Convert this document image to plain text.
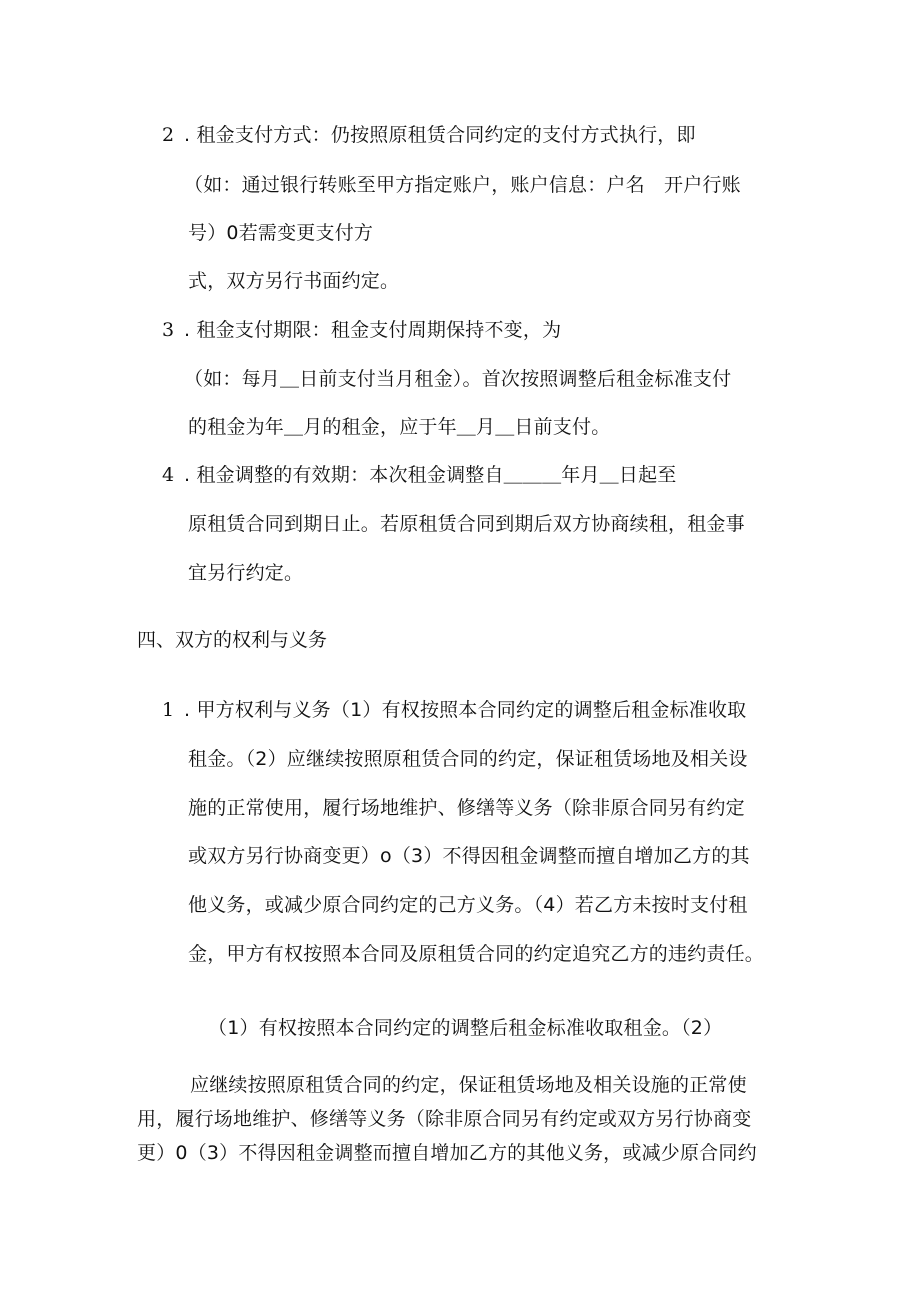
2 . 租金支付方式：仍按照原租赁合同约定的支付方式执行，即
（如：通过银行转账至甲方指定账户，账户信息：户名　开户行账
号）0若需变更支付方
式，双方另行书面约定。
3 . 租金支付期限：租金支付周期保持不变，为
（如：每月＿日前支付当月租金）。首次按照调整后租金标准支付
的租金为年＿月的租金，应于年＿月＿日前支付。
4 . 租金调整的有效期：本次租金调整自＿＿＿年月＿日起至
原租赁合同到期日止。若原租赁合同到期后双方协商续租，租金事
宜另行约定。
四、双方的权利与义务
1 . 甲方权利与义务（1）有权按照本合同约定的调整后租金标准收取
租金。（2）应继续按照原租赁合同的约定，保证租赁场地及相关设
施的正常使用，履行场地维护、修缮等义务（除非原合同另有约定
或双方另行协商变更）o（3）不得因租金调整而擅自增加乙方的其
他义务，或减少原合同约定的己方义务。（4）若乙方未按时支付租
金，甲方有权按照本合同及原租赁合同的约定追究乙方的违约责任。
（1）有权按照本合同约定的调整后租金标准收取租金。（2）
应继续按照原租赁合同的约定，保证租赁场地及相关设施的正常使
用，履行场地维护、修缮等义务（除非原合同另有约定或双方另行协商变
更）0（3）不得因租金调整而擅自增加乙方的其他义务，或减少原合同约
